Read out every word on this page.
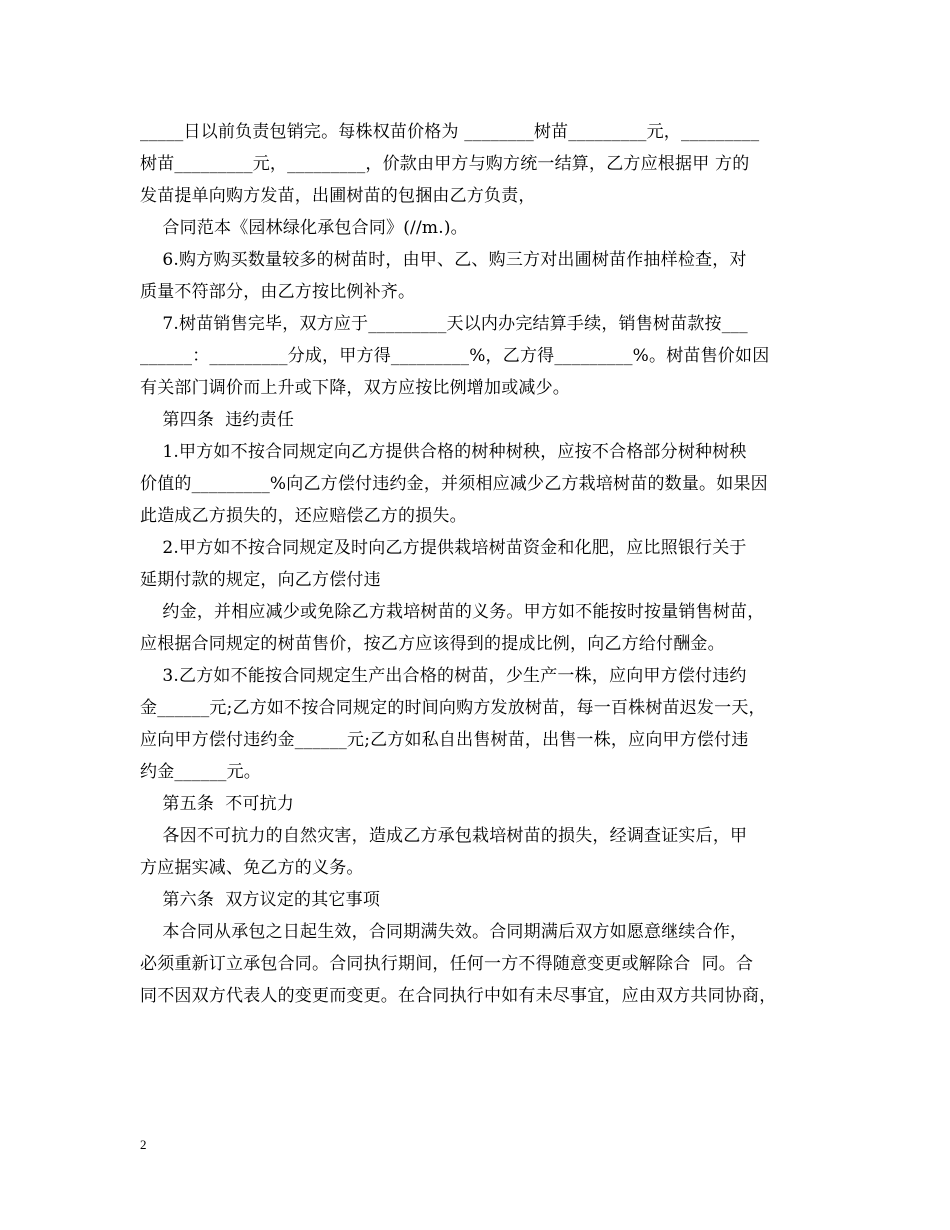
_____日以前负责包销完。每株权苗价格为 ________树苗_________元，_________
树苗_________元，_________，价款由甲方与购方统一结算，乙方应根据甲 方的
发苗提单向购方发苗，出圃树苗的包捆由乙方负责，
合同范本《园林绿化承包合同》(//m.)。
6.购方购买数量较多的树苗时，由甲、乙、购三方对出圃树苗作抽样检查，对
质量不符部分，由乙方按比例补齐。
7.树苗销售完毕，双方应于_________天以内办完结算手续，销售树苗款按___
______：_________分成，甲方得_________%，乙方得_________%。树苗售价如因
有关部门调价而上升或下降，双方应按比例增加或减少。
第四条  违约责任
1.甲方如不按合同规定向乙方提供合格的树种树秧，应按不合格部分树种树秧
价值的_________%向乙方偿付违约金，并须相应减少乙方栽培树苗的数量。如果因
此造成乙方损失的，还应赔偿乙方的损失。
2.甲方如不按合同规定及时向乙方提供栽培树苗资金和化肥，应比照银行关于
延期付款的规定，向乙方偿付违
约金，并相应减少或免除乙方栽培树苗的义务。甲方如不能按时按量销售树苗，
应根据合同规定的树苗售价，按乙方应该得到的提成比例，向乙方给付酬金。
3.乙方如不能按合同规定生产出合格的树苗，少生产一株，应向甲方偿付违约
金______元;乙方如不按合同规定的时间向购方发放树苗，每一百株树苗迟发一天，
应向甲方偿付违约金______元;乙方如私自出售树苗，出售一株，应向甲方偿付违
约金______元。
第五条  不可抗力
各因不可抗力的自然灾害，造成乙方承包栽培树苗的损失，经调查证实后，甲
方应据实减、免乙方的义务。
第六条  双方议定的其它事项
本合同从承包之日起生效，合同期满失效。合同期满后双方如愿意继续合作，
必须重新订立承包合同。合同执行期间，任何一方不得随意变更或解除合  同。合
同不因双方代表人的变更而变更。在合同执行中如有未尽事宜，应由双方共同协商，
2
